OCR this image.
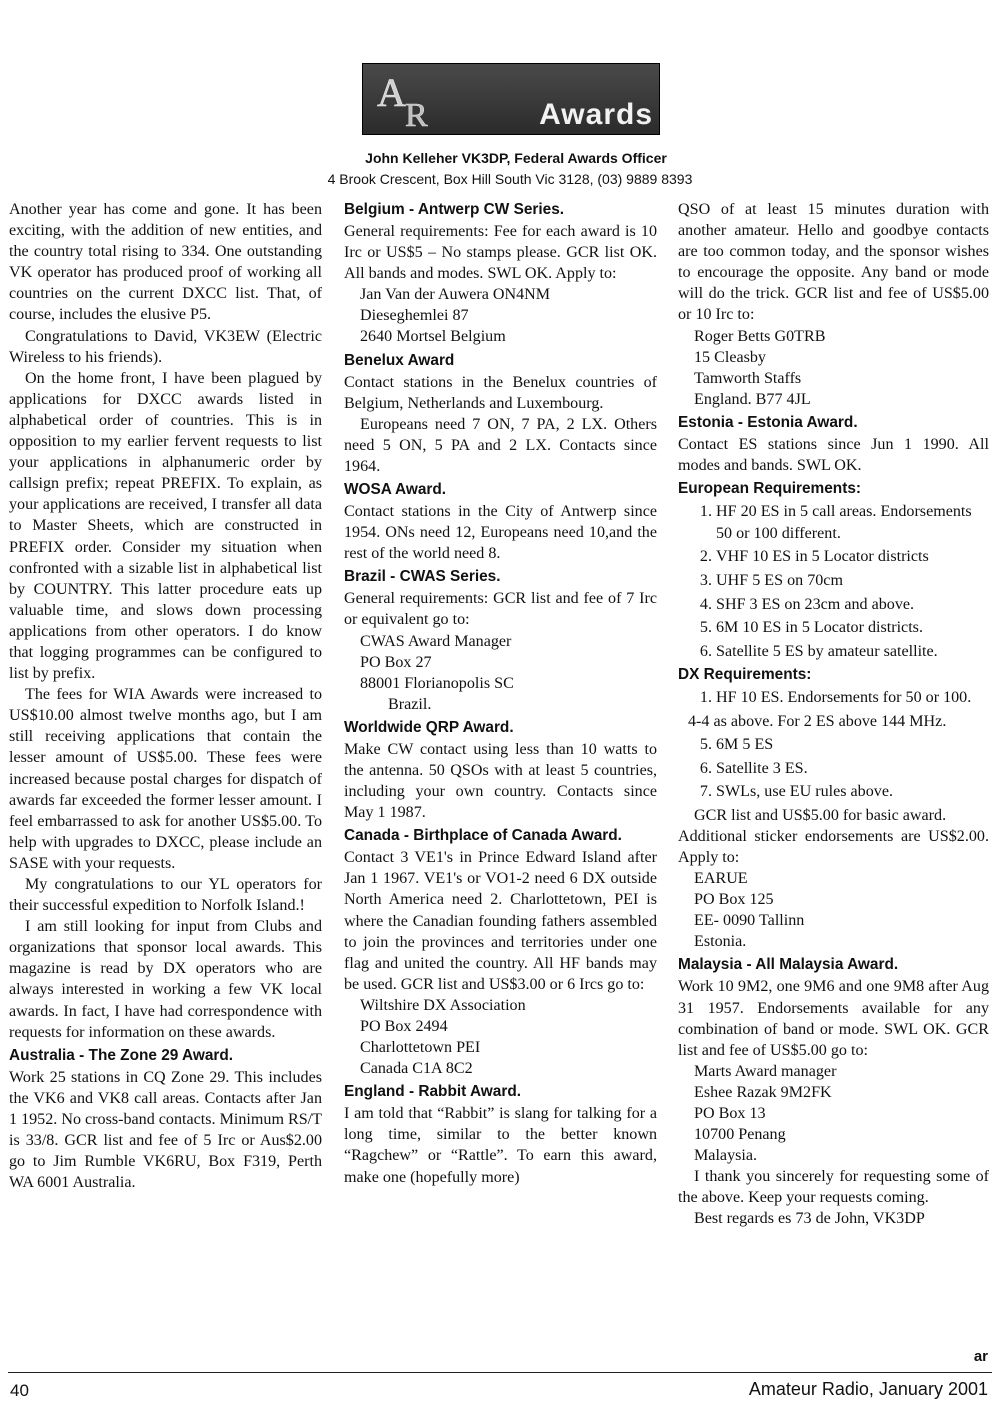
A
R	Awards
John Kelleher VK3DP, Federal Awards Officer
4 Brook Crescent, Box Hill South Vic 3128, (03) 9889 8393

Another year has come and gone. It has been exciting, with the addition of new entities, and the country total rising to 334. One outstanding VK operator has produced proof of working all countries on the current DXCC list. That, of course, includes the elusive P5.

Congratulations to David, VK3EW (Electric Wireless to his friends).

On the home front, I have been plagued by applications for DXCC awards listed in alphabetical order of countries. This is in opposition to my earlier fervent requests to list your applications in alphanumeric order by callsign prefix; repeat PREFIX. To explain, as your applications are received, I transfer all data to Master Sheets, which are constructed in PREFIX order. Consider my situation when confronted with a sizable list in alphabetical list by COUNTRY. This latter procedure eats up valuable time, and slows down processing applications from other operators. I do know that logging programmes can be configured to list by prefix.

The fees for WIA Awards were increased to US$10.00 almost twelve months ago, but I am still receiving applications that contain the lesser amount of US$5.00. These fees were increased because postal charges for dispatch of awards far exceeded the former lesser amount. I feel embarrassed to ask for another US$5.00. To help with upgrades to DXCC, please include an SASE with your requests.

My congratulations to our YL operators for their successful expedition to Norfolk Island.!

I am still looking for input from Clubs and organizations that sponsor local awards. This magazine is read by DX operators who are always interested in working a few VK local awards. In fact, I have had correspondence with requests for information on these awards.

Australia - The Zone 29 Award.

Work 25 stations in CQ Zone 29. This includes the VK6 and VK8 call areas. Contacts after Jan 1 1952. No cross-band contacts. Minimum RS/T is 33/8. GCR list and fee of 5 Irc or Aus$2.00 go to Jim Rumble VK6RU, Box F319, Perth WA 6001 Australia.

Belgium - Antwerp CW Series.

General requirements: Fee for each award is 10 Irc or US$5 – No stamps please. GCR list OK. All bands and modes. SWL OK. Apply to:

Jan Van der Auwera ON4NM
Dieseghemlei 87
2640 Mortsel Belgium
Benelux Award

Contact stations in the Benelux countries of Belgium, Netherlands and Luxembourg.

Europeans need 7 ON, 7 PA, 2 LX. Others need 5 ON, 5 PA and 2 LX. Contacts since 1964.

WOSA Award.

Contact stations in the City of Antwerp since 1954. ONs need 12, Europeans need 10,and the rest of the world need 8.

Brazil - CWAS Series.

General requirements: GCR list and fee of 7 Irc or equivalent go to:

CWAS Award Manager
PO Box 27
88001 Florianopolis SC
Brazil.
Worldwide QRP Award.

Make CW contact using less than 10 watts to the antenna. 50 QSOs with at least 5 countries, including your own country. Contacts since May 1 1987.

Canada - Birthplace of Canada Award.

Contact 3 VE1's in Prince Edward Island after Jan 1 1967. VE1's or VO1-2 need 6 DX outside North America need 2. Charlottetown, PEI is where the Canadian founding fathers assembled to join the provinces and territories under one flag and united the country. All HF bands may be used. GCR list and US$3.00 or 6 Ircs go to:

Wiltshire DX Association
PO Box 2494
Charlottetown PEI
Canada C1A 8C2
England - Rabbit Award.

I am told that “Rabbit” is slang for talking for a long time, similar to the better known “Ragchew” or “Rattle”. To earn this award, make one (hopefully more)

QSO of at least 15 minutes duration with another amateur. Hello and goodbye contacts are too common today, and the sponsor wishes to encourage the opposite. Any band or mode will do the trick. GCR list and fee of US$5.00 or 10 Irc to:

Roger Betts G0TRB
15 Cleasby
Tamworth Staffs
England. B77 4JL
Estonia - Estonia Award.

Contact ES stations since Jun 1 1990. All modes and bands. SWL OK.

European Requirements:
1. HF 20 ES in 5 call areas. Endorsements 50 or 100 different.
2. VHF 10 ES in 5 Locator districts
3. UHF 5 ES on 70cm
4. SHF 3 ES on 23cm and above.
5. 6M 10 ES in 5 Locator districts.
6. Satellite 5 ES by amateur satellite.
DX Requirements:
1. HF 10 ES. Endorsements for 50 or 100.

4-4 as above. For 2 ES above 144 MHz.

5. 6M 5 ES
6. Satellite 3 ES.
7. SWLs, use EU rules above.

GCR list and US$5.00 for basic award.

Additional sticker endorsements are US$2.00. Apply to:

EARUE
PO Box 125
EE- 0090 Tallinn
Estonia.
Malaysia - All Malaysia Award.

Work 10 9M2, one 9M6 and one 9M8 after Aug 31 1957. Endorsements available for any combination of band or mode. SWL OK. GCR list and fee of US$5.00 go to:

Marts Award manager
Eshee Razak 9M2FK
PO Box 13
10700 Penang
Malaysia.

I thank you sincerely for requesting some of the above. Keep your requests coming.

Best regards es 73 de John, VK3DP

ar
40	Amateur Radio, January 2001
